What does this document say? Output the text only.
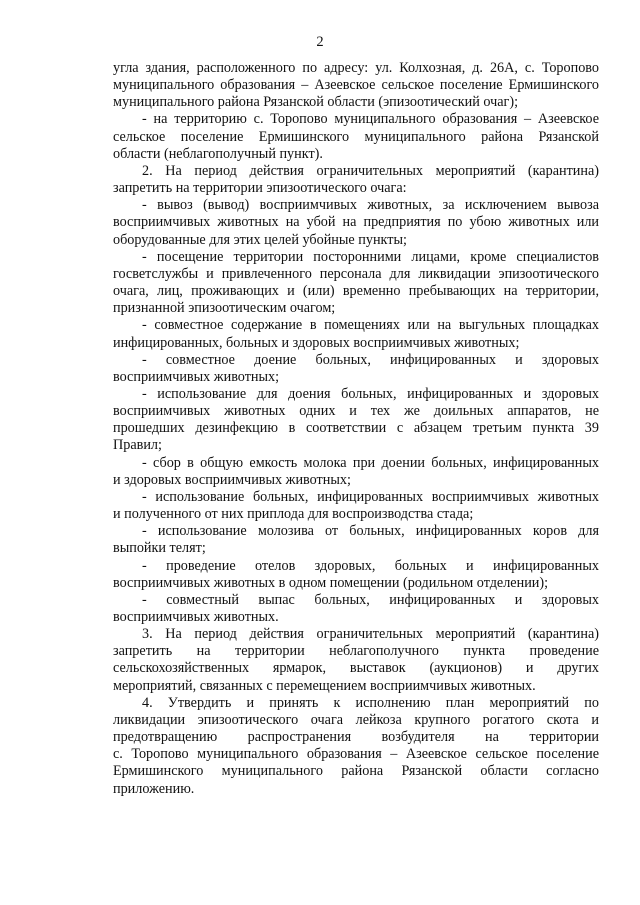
2
угла здания, расположенного по адресу: ул. Колхозная, д. 26А, с. Торопово
муниципального образования – Азеевское сельское поселение Ермишинского
муниципального района Рязанской области (эпизоотический очаг);
- на территорию с. Торопово муниципального образования – Азеевское
сельское поселение Ермишинского муниципального района Рязанской
области (неблагополучный пункт).
2. На период действия ограничительных мероприятий (карантина)
запретить на территории эпизоотического очага:
- вывоз (вывод) восприимчивых животных, за исключением вывоза
восприимчивых животных на убой на предприятия по убою животных или
оборудованные для этих целей убойные пункты;
- посещение территории посторонними лицами, кроме специалистов
госветслужбы и привлеченного персонала для ликвидации эпизоотического
очага, лиц, проживающих и (или) временно пребывающих на территории,
признанной эпизоотическим очагом;
- совместное содержание в помещениях или на выгульных площадках
инфицированных, больных и здоровых восприимчивых животных;
- совместное доение больных, инфицированных и здоровых
восприимчивых животных;
- использование для доения больных, инфицированных и здоровых
восприимчивых животных одних и тех же доильных аппаратов, не
прошедших дезинфекцию в соответствии с абзацем третьим пункта 39
Правил;
- сбор в общую емкость молока при доении больных, инфицированных
и здоровых восприимчивых животных;
- использование больных, инфицированных восприимчивых животных
и полученного от них приплода для воспроизводства стада;
- использование молозива от больных, инфицированных коров для
выпойки телят;
- проведение отелов здоровых, больных и инфицированных
восприимчивых животных в одном помещении (родильном отделении);
- совместный выпас больных, инфицированных и здоровых
восприимчивых животных.
3. На период действия ограничительных мероприятий (карантина)
запретить на территории неблагополучного пункта проведение
сельскохозяйственных ярмарок, выставок (аукционов) и других
мероприятий, связанных с перемещением восприимчивых животных.
4. Утвердить и принять к исполнению план мероприятий по
ликвидации эпизоотического очага лейкоза крупного рогатого скота и
предотвращению распространения возбудителя на территории
с. Торопово муниципального образования – Азеевское сельское поселение
Ермишинского муниципального района Рязанской области согласно
приложению.
